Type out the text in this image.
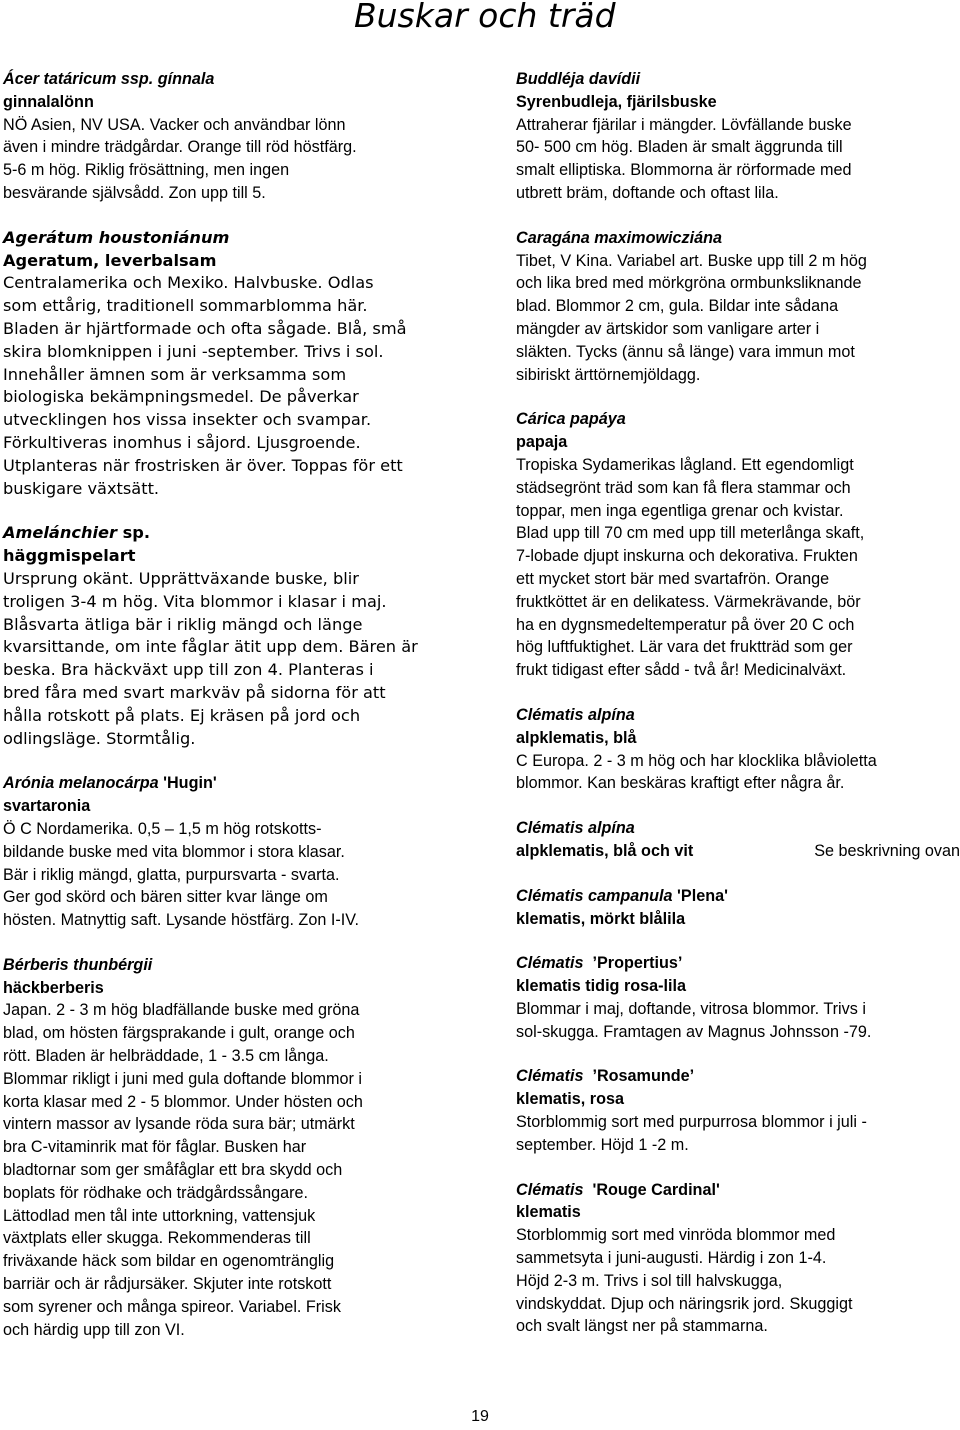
Buskar och träd
Ácer tatáricum ssp. gínnala
ginnalalönn
NÖ Asien, NV USA. Vacker och användbar lönn
även i mindre trädgårdar. Orange till röd höstfärg.
5-6 m hög. Riklig frösättning, men ingen
besvärande självsådd. Zon upp till 5.
Agerátum houstoniánum
Ageratum, leverbalsam
Centralamerika och Mexiko. Halvbuske. Odlas
som ettårig, traditionell sommarblomma här.
Bladen är hjärtformade och ofta sågade. Blå, små
skira blomknippen i juni -september. Trivs i sol.
Innehåller ämnen som är verksamma som
biologiska bekämpningsmedel. De påverkar
utvecklingen hos vissa insekter och svampar.
Förkultiveras inomhus i såjord. Ljusgroende.
Utplanteras när frostrisken är över. Toppas för ett
buskigare växtsätt.
Amelánchier sp.
häggmispelart
Ursprung okänt. Upprättväxande buske, blir
troligen 3-4 m hög. Vita blommor i klasar i maj.
Blåsvarta ätliga bär i riklig mängd och länge
kvarsittande, om inte fåglar ätit upp dem. Bären är
beska. Bra häckväxt upp till zon 4. Planteras i
bred fåra med svart markväv på sidorna för att
hålla rotskott på plats. Ej kräsen på jord och
odlingsläge. Stormtålig.
Arónia melanocárpa 'Hugin'
svartaronia
Ö C Nordamerika. 0,5 – 1,5 m hög rotskotts-
bildande buske med vita blommor i stora klasar.
Bär i riklig mängd, glatta, purpursvarta - svarta.
Ger god skörd och bären sitter kvar länge om
hösten. Matnyttig saft. Lysande höstfärg. Zon I-IV.
Bérberis thunbérgii
häckberberis
Japan. 2 - 3 m hög bladfällande buske med gröna
blad, om hösten färgsprakande i gult, orange och
rött. Bladen är helbräddade, 1 - 3.5 cm långa.
Blommar rikligt i juni med gula doftande blommor i
korta klasar med 2 - 5 blommor. Under hösten och
vintern massor av lysande röda sura bär; utmärkt
bra C-vitaminrik mat för fåglar. Busken har
bladtornar som ger småfåglar ett bra skydd och
boplats för rödhake och trädgårdssångare.
Lättodlad men tål inte uttorkning, vattensjuk
växtplats eller skugga. Rekommenderas till
friväxande häck som bildar en ogenomtränglig
barriär och är rådjursäker. Skjuter inte rotskott
som syrener och många spireor. Variabel. Frisk
och härdig upp till zon VI.
Buddléja davídii
Syrenbudleja, fjärilsbuske
Attraherar fjärilar i mängder. Lövfällande buske
50- 500 cm hög. Bladen är smalt äggrunda till
smalt elliptiska. Blommorna är rörformade med
utbrett bräm, doftande och oftast lila.
Caragána maximowicziána
Tibet, V Kina. Variabel art. Buske upp till 2 m hög
och lika bred med mörkgröna ormbunksliknande
blad. Blommor 2 cm, gula. Bildar inte sådana
mängder av ärtskidor som vanligare arter i
släkten. Tycks (ännu så länge) vara immun mot
sibiriskt ärttörnemjöldagg.
Cárica papáya
papaja
Tropiska Sydamerikas lågland. Ett egendomligt
städsegrönt träd som kan få flera stammar och
toppar, men inga egentliga grenar och kvistar.
Blad upp till 70 cm med upp till meterlånga skaft,
7-lobade djupt inskurna och dekorativa. Frukten
ett mycket stort bär med svartafrön. Orange
fruktköttet är en delikatess. Värmekrävande, bör
ha en dygnsmedeltemperatur på över 20 C och
hög luftfuktighet. Lär vara det fruktträd som ger
frukt tidigast efter sådd - två år! Medicinalväxt.
Clématis alpína
alpklematis, blå
C Europa. 2 - 3 m hög och har klocklika blåvioletta
blommor. Kan beskäras kraftigt efter några år.
Clématis alpína
alpklematis, blå och vit	Se beskrivning ovan
Clématis campanula 'Plena'
klematis, mörkt blålila
Clématis  ’Propertius’
klematis tidig rosa-lila
Blommar i maj, doftande, vitrosa blommor. Trivs i
sol-skugga. Framtagen av Magnus Johnsson -79.
Clématis  ’Rosamunde’
klematis, rosa
Storblommig sort med purpurrosa blommor i juli -
september. Höjd 1 -2 m.
Clématis  'Rouge Cardinal'
klematis
Storblommig sort med vinröda blommor med
sammetsyta i juni-augusti. Härdig i zon 1-4.
Höjd 2-3 m. Trivs i sol till halvskugga,
vindskyddat. Djup och näringsrik jord. Skuggigt
och svalt längst ner på stammarna.
19
